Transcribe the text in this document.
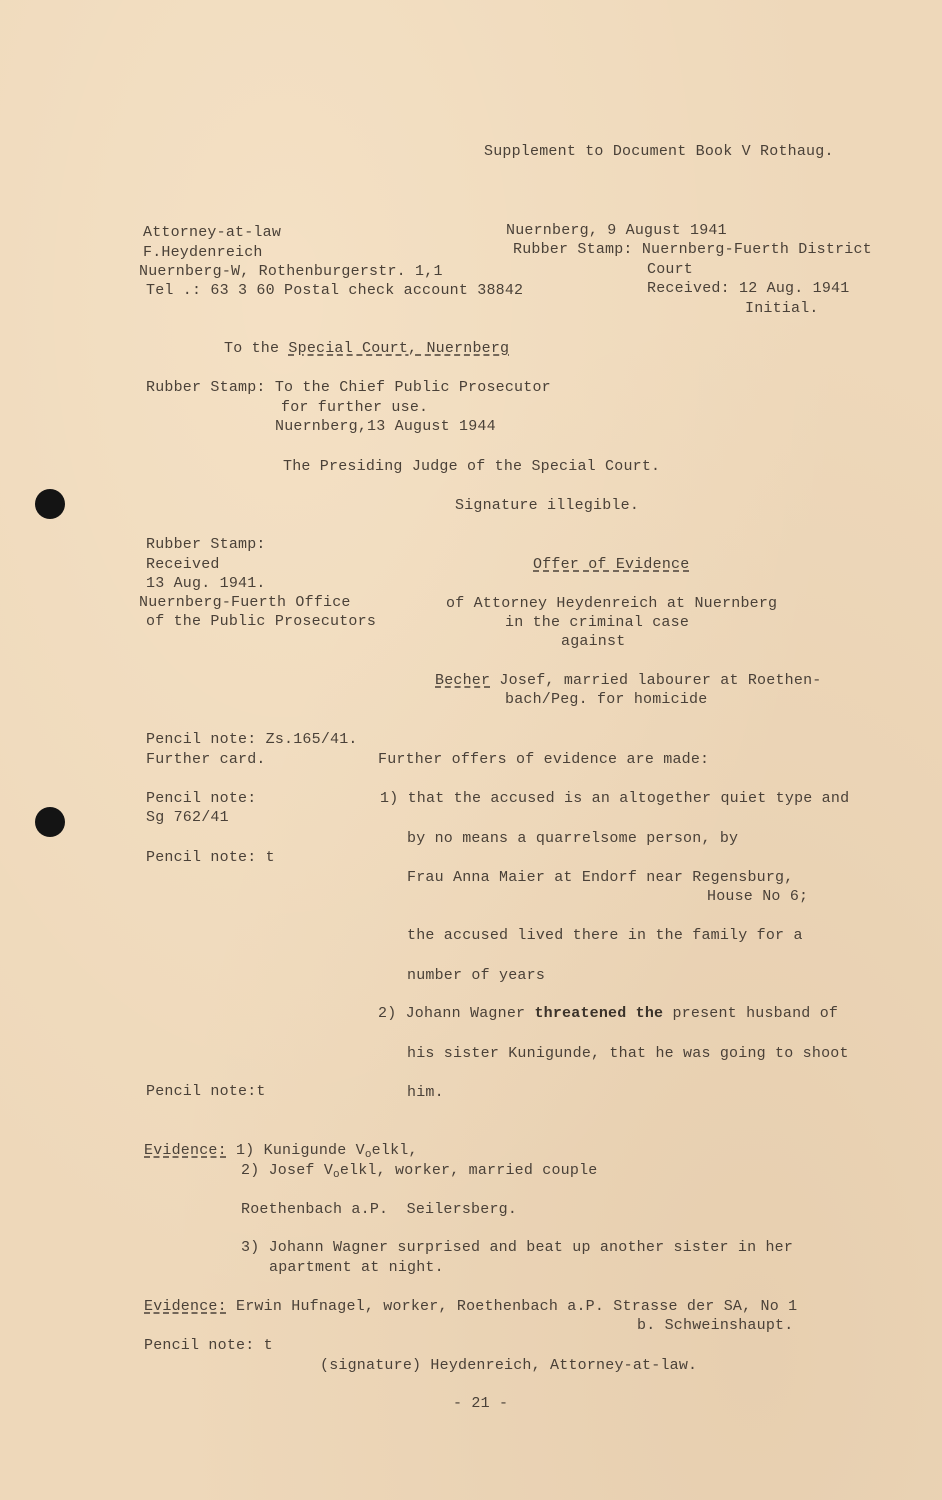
Supplement to Document Book V Rothaug.
Attorney-at-law
F.Heydenreich
Nuernberg-W, Rothenburgerstr. 1,1
Tel .: 63 3 60 Postal check account 38842
Nuernberg, 9 August 1941
Rubber Stamp: Nuernberg-Fuerth District
Court
Received: 12 Aug. 1941
Initial.
To the Special Court, Nuernberg
Rubber Stamp: To the Chief Public Prosecutor
for further use.
Nuernberg,13 August 1944
The Presiding Judge of the Special Court.
Signature illegible.
Rubber Stamp:
Received
13 Aug. 1941.
Nuernberg-Fuerth Office
of the Public Prosecutors
Offer of Evidence
of Attorney Heydenreich at Nuernberg
in the criminal case
against
Becher Josef, married labourer at Roethen-
bach/Peg. for homicide
Pencil note: Zs.165/41.
Further card.
Pencil note:
Sg 762/41
Pencil note: t
Pencil note:t
Pencil note: t
Further offers of evidence are made:
1) that the accused is an altogether quiet type and
by no means a quarrelsome person, by
Frau Anna Maier at Endorf near Regensburg,
House No 6;
the accused lived there in the family for a
number of years
2) Johann Wagner threatened the present husband of
his sister Kunigunde, that he was going to shoot
him.
Evidence: 1) Kunigunde $V_oelkl$,
2) Josef $V_oelkl$, worker, married couple
Roethenbach a.P.  Seilersberg.
3) Johann Wagner surprised and beat up another sister in her
apartment at night.
Evidence: Erwin Hufnagel, worker, Roethenbach a.P. Strasse der SA, No 1
b. Schweinshaupt.
(signature) Heydenreich, Attorney-at-law.
- 21 -
